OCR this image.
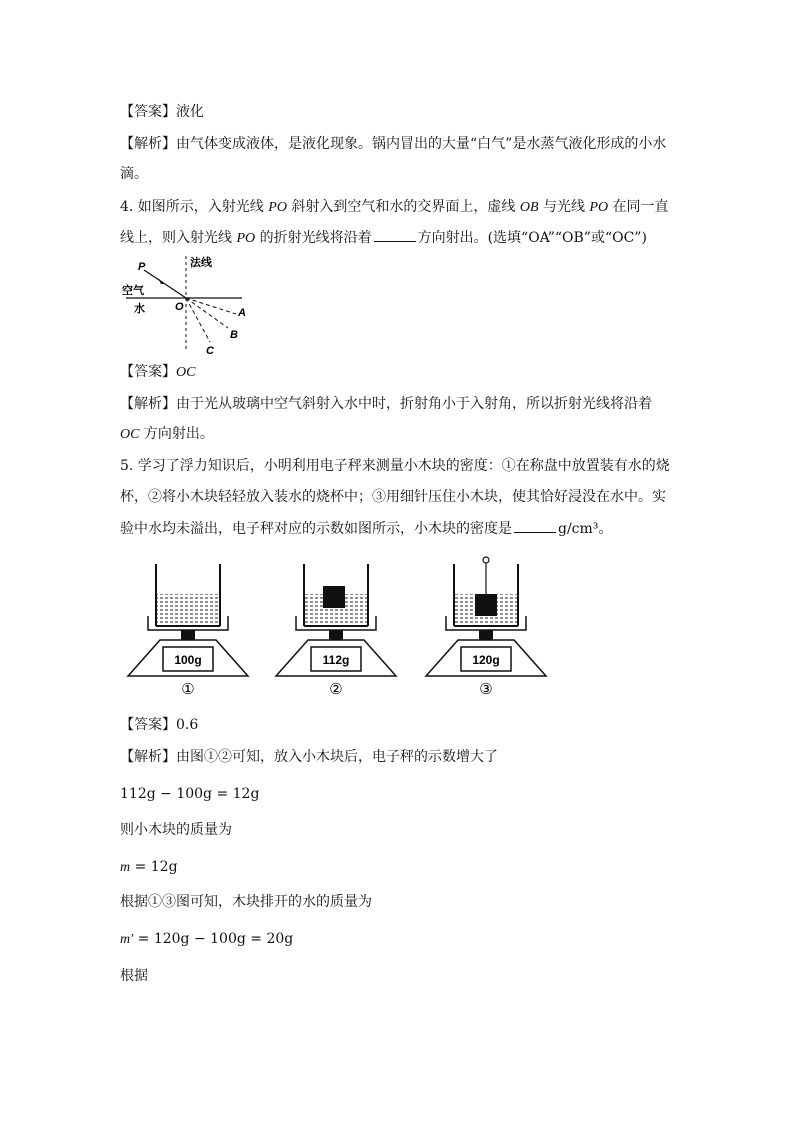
【答案】液化
【解析】由气体变成液体，是液化现象。锅内冒出的大量“白气”是水蒸气液化形成的小水
滴。
4. 如图所示，入射光线 PO 斜射入到空气和水的交界面上，虚线 OB 与光线 PO 在同一直
线上，则入射光线 PO 的折射光线将沿着	方向射出。(选填“OA”“OB”或“OC”)
P	法线
空气
水	O	A
B
C
【答案】OC
【解析】由于光从玻璃中空气斜射入水中时，折射角小于入射角，所以折射光线将沿着
OC 方向射出。
5. 学习了浮力知识后，小明利用电子秤来测量小木块的密度：①在称盘中放置装有水的烧
杯，②将小木块轻轻放入装水的烧杯中；③用细针压住小木块，使其恰好浸没在水中。实
验中水均未溢出，电子秤对应的示数如图所示，小木块的密度是	g/cm³。
100g
①
112g
②
120g
③
【答案】0.6
【解析】由图①②可知，放入小木块后，电子秤的示数增大了
112g − 100g = 12g
则小木块的质量为
m = 12g
根据①③图可知，木块排开的水的质量为
m′ = 120g − 100g = 20g
根据
